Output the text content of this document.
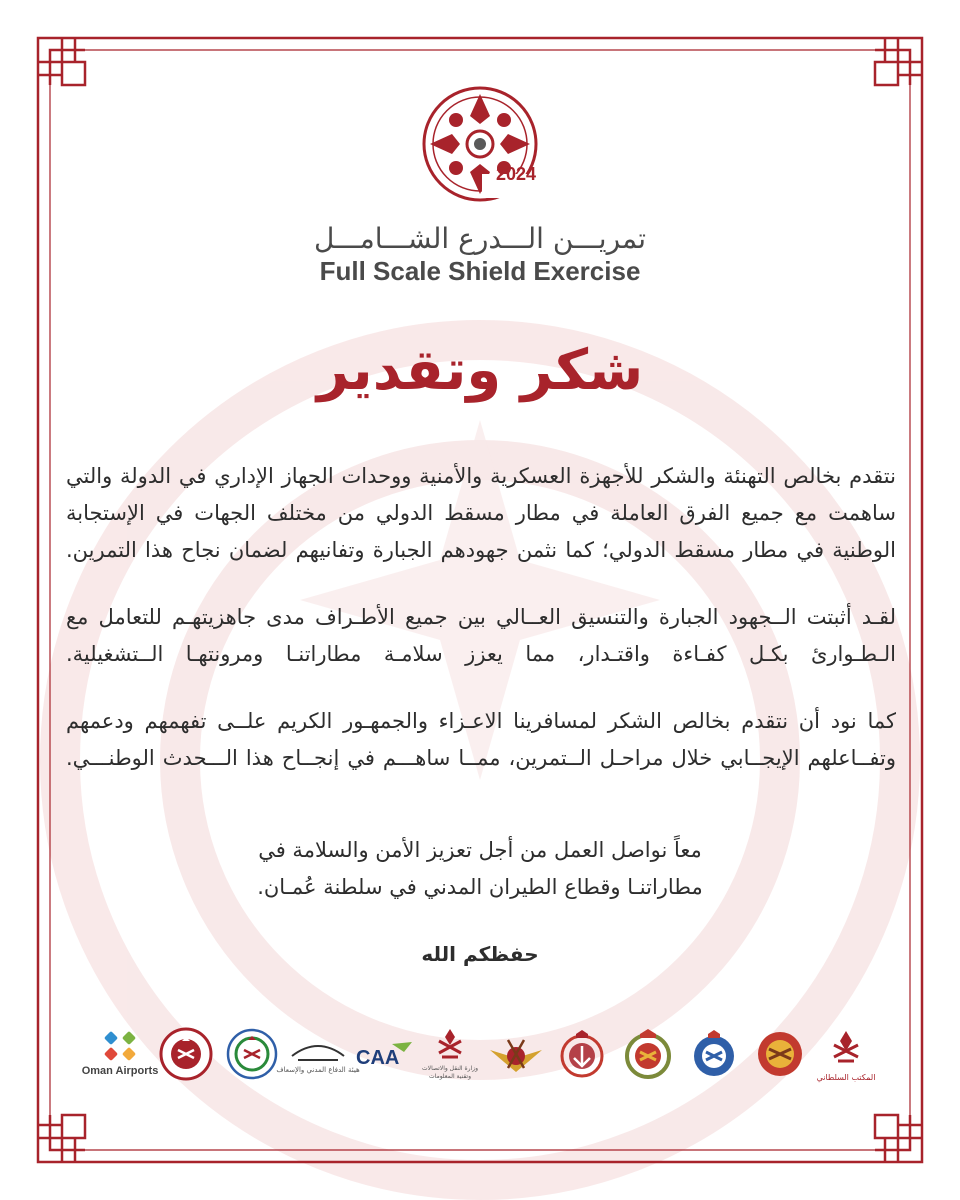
2024
تمريـــن الـــدرع الشـــامـــل
Full Scale Shield Exercise
شكر وتقدير

نتقدم بخالص التهنئة والشكر للأجهزة العسكرية والأمنية ووحدات الجهاز الإداري في الدولة والتي ساهمت مع جميع الفرق العاملة في مطار مسقط الدولي من مختلف الجهات في الإستجابة الوطنية في مطار مسقط الدولي؛ كما نثمن جهودهم الجبارة وتفانيهم لضمان نجاح هذا التمرين.

لقـد أثبتت الــجهود الجبارة والتنسيق العــالي بين جميع الأطـراف مدى جاهزيتهـم للتعامل مع الـطـوارئ بكـل كفـاءة واقتـدار، مما يعزز سلامـة مطاراتنـا ومرونتهـا الــتشغيلية.

كما نود أن نتقدم بخالص الشكر لمسافرينا الاعـزاء والجمهـور الكريم علــى تفهمهم ودعمهم وتفــاعلهم الإيجــابي خلال مراحـل الــتمرين، ممــا ساهـــم في إنجــاح هذا الـــحدث الوطنـــي.

معاً نواصل العمل من أجل تعزيز الأمن والسلامة في
مطاراتنـا وقطاع الطيران المدني في سلطنة عُمـان.
حفظكم الله
المكتب السلطاني
وزارة النقل والاتصالات وتقنية المعلومات
CAA
هيئة الدفاع المدني والإسعاف
Oman Airports
